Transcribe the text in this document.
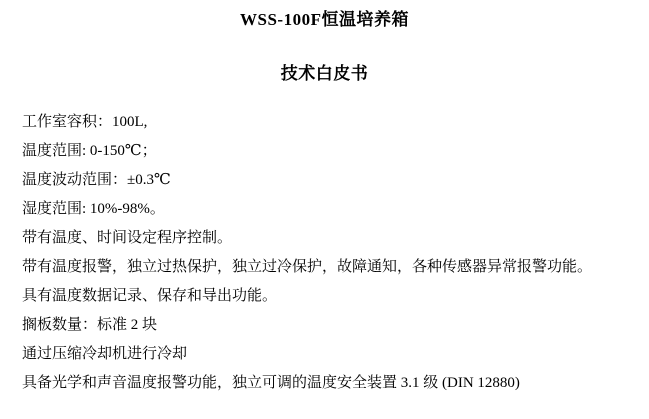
WSS-100F恒温培养箱
技术白皮书

工作室容积：100L,

温度范围: 0-150℃；

温度波动范围：±0.3℃

湿度范围: 10%-98%。

带有温度、时间设定程序控制。

带有温度报警，独立过热保护，独立过冷保护，故障通知，各种传感器异常报警功能。

具有温度数据记录、保存和导出功能。

搁板数量：标准 2 块

通过压缩冷却机进行冷却

具备光学和声音温度报警功能，独立可调的温度安全装置 3.1 级 (DIN 12880)
